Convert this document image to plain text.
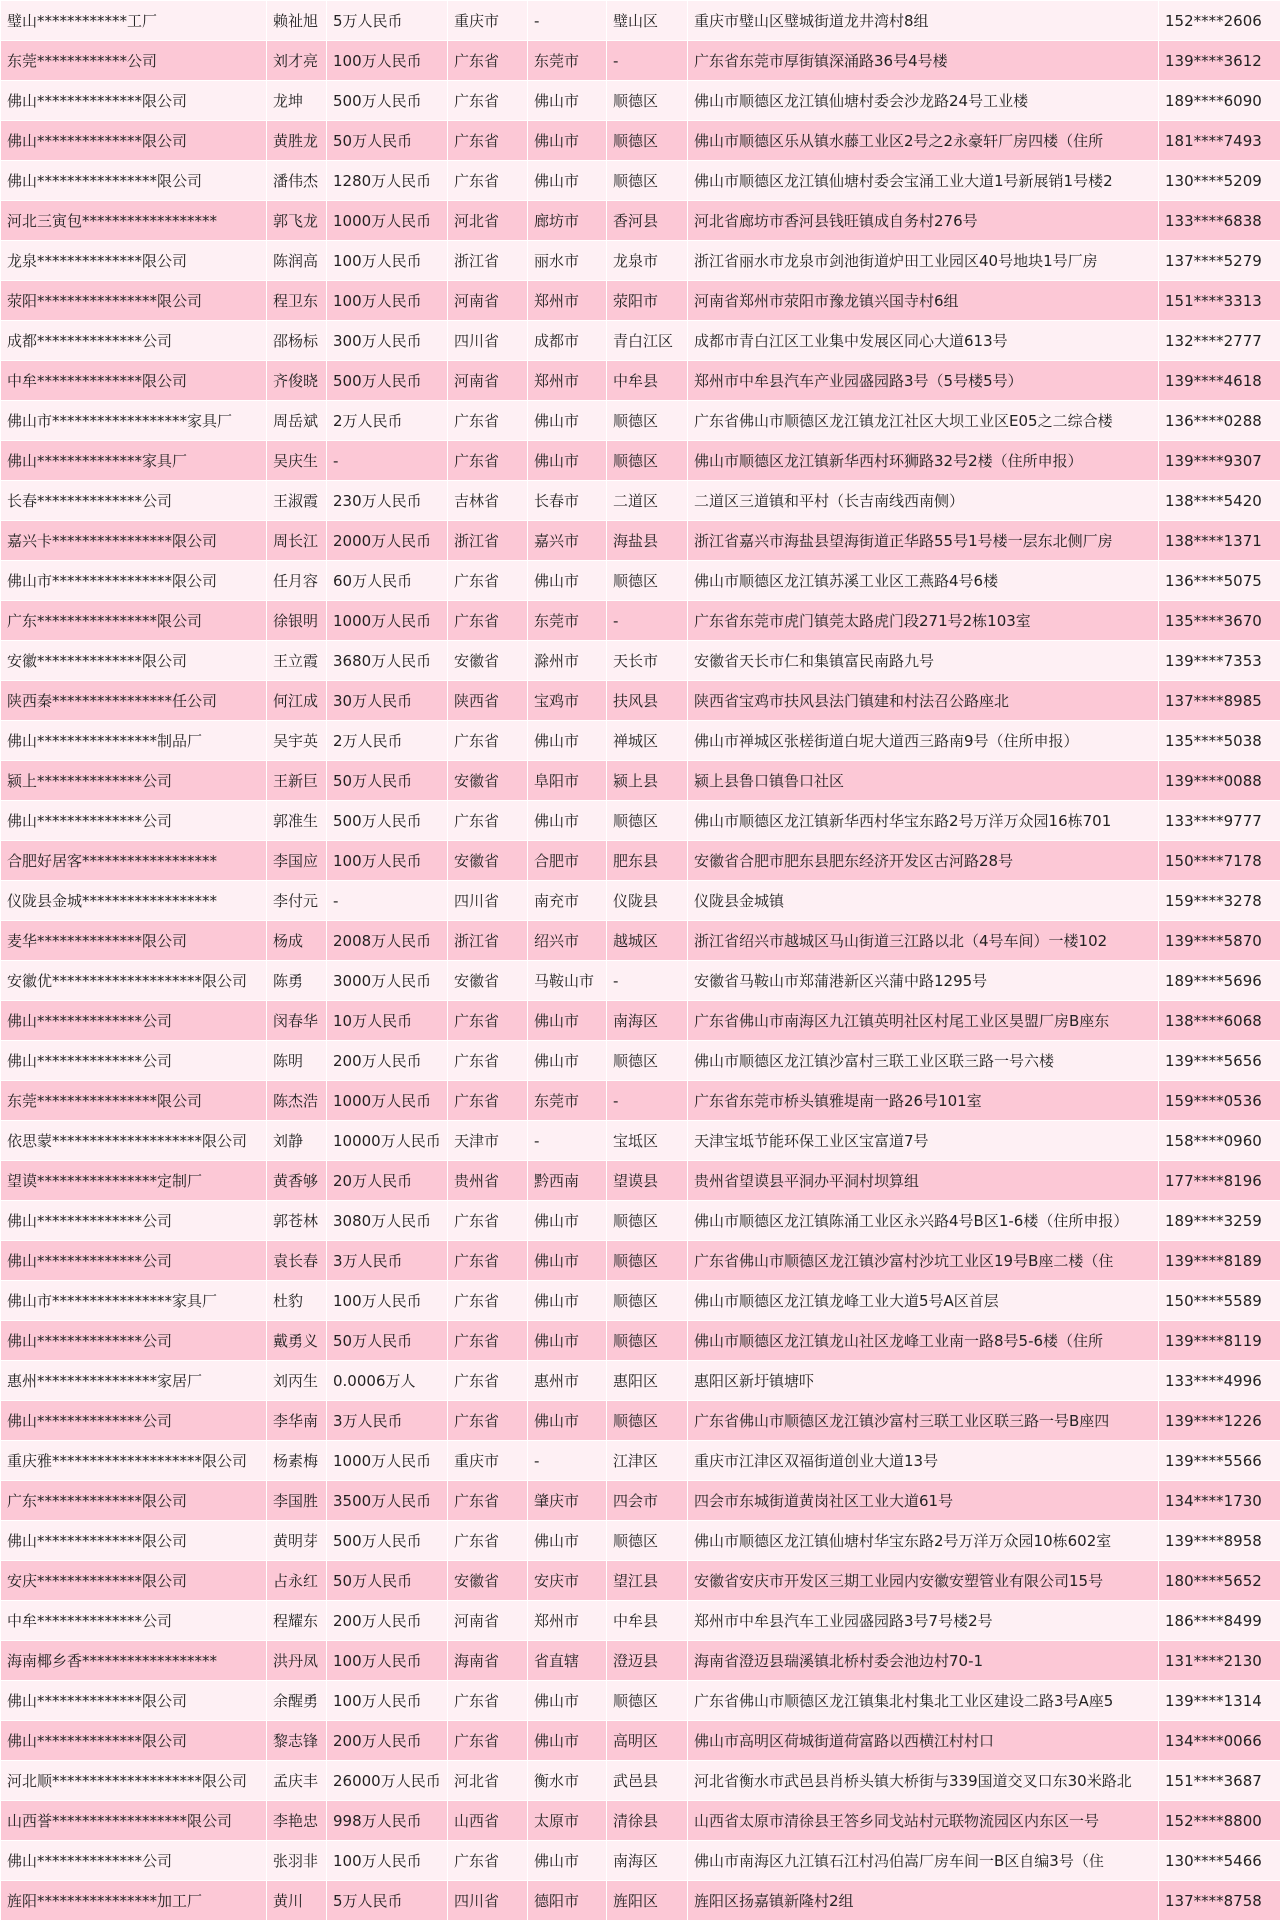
璧山************工厂	赖祉旭	5万人民币	重庆市	-	璧山区	重庆市璧山区璧城街道龙井湾村8组	152****2606
东莞************公司	刘才亮	100万人民币	广东省	东莞市	-	广东省东莞市厚街镇深涌路36号4号楼	139****3612
佛山**************限公司	龙坤	500万人民币	广东省	佛山市	顺德区	佛山市顺德区龙江镇仙塘村委会沙龙路24号工业楼	189****6090
佛山**************限公司	黄胜龙	50万人民币	广东省	佛山市	顺德区	佛山市顺德区乐从镇水藤工业区2号之2永豪轩厂房四楼（住所	181****7493
佛山****************限公司	潘伟杰	1280万人民币	广东省	佛山市	顺德区	佛山市顺德区龙江镇仙塘村委会宝涌工业大道1号新展销1号楼2	130****5209
河北三寅包******************	郭飞龙	1000万人民币	河北省	廊坊市	香河县	河北省廊坊市香河县钱旺镇成自务村276号	133****6838
龙泉**************限公司	陈润高	100万人民币	浙江省	丽水市	龙泉市	浙江省丽水市龙泉市剑池街道炉田工业园区40号地块1号厂房	137****5279
荥阳****************限公司	程卫东	100万人民币	河南省	郑州市	荥阳市	河南省郑州市荥阳市豫龙镇兴国寺村6组	151****3313
成都**************公司	邵杨标	300万人民币	四川省	成都市	青白江区	成都市青白江区工业集中发展区同心大道613号	132****2777
中牟**************限公司	齐俊晓	500万人民币	河南省	郑州市	中牟县	郑州市中牟县汽车产业园盛园路3号（5号楼5号）	139****4618
佛山市******************家具厂	周岳斌	2万人民币	广东省	佛山市	顺德区	广东省佛山市顺德区龙江镇龙江社区大坝工业区E05之二综合楼	136****0288
佛山**************家具厂	吴庆生	-	广东省	佛山市	顺德区	佛山市顺德区龙江镇新华西村环狮路32号2楼（住所申报）	139****9307
长春**************公司	王淑霞	230万人民币	吉林省	长春市	二道区	二道区三道镇和平村（长吉南线西南侧）	138****5420
嘉兴卡****************限公司	周长江	2000万人民币	浙江省	嘉兴市	海盐县	浙江省嘉兴市海盐县望海街道正华路55号1号楼一层东北侧厂房	138****1371
佛山市****************限公司	任月容	60万人民币	广东省	佛山市	顺德区	佛山市顺德区龙江镇苏溪工业区工燕路4号6楼	136****5075
广东****************限公司	徐银明	1000万人民币	广东省	东莞市	-	广东省东莞市虎门镇莞太路虎门段271号2栋103室	135****3670
安徽**************限公司	王立霞	3680万人民币	安徽省	滁州市	天长市	安徽省天长市仁和集镇富民南路九号	139****7353
陕西秦****************任公司	何江成	30万人民币	陕西省	宝鸡市	扶风县	陕西省宝鸡市扶风县法门镇建和村法召公路座北	137****8985
佛山****************制品厂	吴宇英	2万人民币	广东省	佛山市	禅城区	佛山市禅城区张槎街道白坭大道西三路南9号（住所申报）	135****5038
颍上**************公司	王新巨	50万人民币	安徽省	阜阳市	颍上县	颍上县鲁口镇鲁口社区	139****0088
佛山**************公司	郭准生	500万人民币	广东省	佛山市	顺德区	佛山市顺德区龙江镇新华西村华宝东路2号万洋万众园16栋701	133****9777
合肥好居客******************	李国应	100万人民币	安徽省	合肥市	肥东县	安徽省合肥市肥东县肥东经济开发区古河路28号	150****7178
仪陇县金城******************	李付元	-	四川省	南充市	仪陇县	仪陇县金城镇	159****3278
麦华**************限公司	杨成	2008万人民币	浙江省	绍兴市	越城区	浙江省绍兴市越城区马山街道三江路以北（4号车间）一楼102	139****5870
安徽优********************限公司	陈勇	3000万人民币	安徽省	马鞍山市	-	安徽省马鞍山市郑蒲港新区兴蒲中路1295号	189****5696
佛山**************公司	闵春华	10万人民币	广东省	佛山市	南海区	广东省佛山市南海区九江镇英明社区村尾工业区昊盟厂房B座东	138****6068
佛山**************公司	陈明	200万人民币	广东省	佛山市	顺德区	佛山市顺德区龙江镇沙富村三联工业区联三路一号六楼	139****5656
东莞****************限公司	陈杰浩	1000万人民币	广东省	东莞市	-	广东省东莞市桥头镇雅堤南一路26号101室	159****0536
依思蒙********************限公司	刘静	10000万人民币	天津市	-	宝坻区	天津宝坻节能环保工业区宝富道7号	158****0960
望谟****************定制厂	黄香够	20万人民币	贵州省	黔西南	望谟县	贵州省望谟县平洞办平洞村坝算组	177****8196
佛山**************公司	郭苍林	3080万人民币	广东省	佛山市	顺德区	佛山市顺德区龙江镇陈涌工业区永兴路4号B区1-6楼（住所申报）	189****3259
佛山**************公司	袁长春	3万人民币	广东省	佛山市	顺德区	广东省佛山市顺德区龙江镇沙富村沙坑工业区19号B座二楼（住	139****8189
佛山市****************家具厂	杜豹	100万人民币	广东省	佛山市	顺德区	佛山市顺德区龙江镇龙峰工业大道5号A区首层	150****5589
佛山**************公司	戴勇义	50万人民币	广东省	佛山市	顺德区	佛山市顺德区龙江镇龙山社区龙峰工业南一路8号5-6楼（住所	139****8119
惠州****************家居厂	刘丙生	0.0006万人	广东省	惠州市	惠阳区	惠阳区新圩镇塘吓	133****4996
佛山**************公司	李华南	3万人民币	广东省	佛山市	顺德区	广东省佛山市顺德区龙江镇沙富村三联工业区联三路一号B座四	139****1226
重庆雅********************限公司	杨素梅	1000万人民币	重庆市	-	江津区	重庆市江津区双福街道创业大道13号	139****5566
广东**************限公司	李国胜	3500万人民币	广东省	肇庆市	四会市	四会市东城街道黄岗社区工业大道61号	134****1730
佛山**************限公司	黄明芽	500万人民币	广东省	佛山市	顺德区	佛山市顺德区龙江镇仙塘村华宝东路2号万洋万众园10栋602室	139****8958
安庆**************限公司	占永红	50万人民币	安徽省	安庆市	望江县	安徽省安庆市开发区三期工业园内安徽安塑管业有限公司15号	180****5652
中牟**************公司	程耀东	200万人民币	河南省	郑州市	中牟县	郑州市中牟县汽车工业园盛园路3号7号楼2号	186****8499
海南椰乡香******************	洪丹凤	100万人民币	海南省	省直辖	澄迈县	海南省澄迈县瑞溪镇北桥村委会池边村70-1	131****2130
佛山**************限公司	余醒勇	100万人民币	广东省	佛山市	顺德区	广东省佛山市顺德区龙江镇集北村集北工业区建设二路3号A座5	139****1314
佛山**************限公司	黎志锋	200万人民币	广东省	佛山市	高明区	佛山市高明区荷城街道荷富路以西横江村村口	134****0066
河北顺********************限公司	孟庆丰	26000万人民币	河北省	衡水市	武邑县	河北省衡水市武邑县肖桥头镇大桥街与339国道交叉口东30米路北	151****3687
山西誉******************限公司	李艳忠	998万人民币	山西省	太原市	清徐县	山西省太原市清徐县王答乡同戈站村元联物流园区内东区一号	152****8800
佛山**************公司	张羽非	100万人民币	广东省	佛山市	南海区	佛山市南海区九江镇石江村冯伯嵩厂房车间一B区自编3号（住	130****5466
旌阳****************加工厂	黄川	5万人民币	四川省	德阳市	旌阳区	旌阳区扬嘉镇新隆村2组	137****8758
